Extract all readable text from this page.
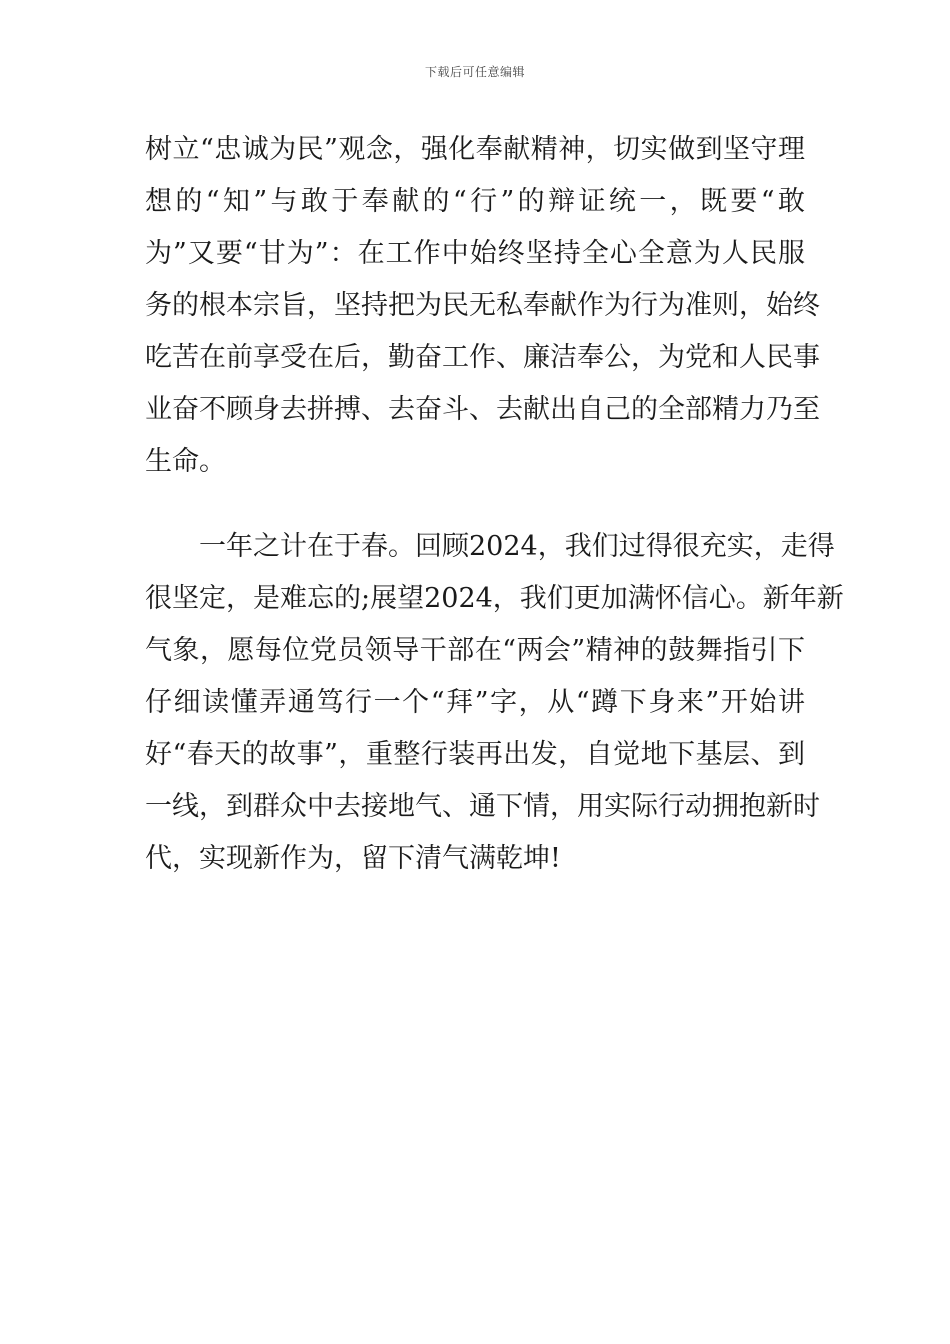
下载后可任意编辑
树立“忠诚为民”观念，强化奉献精神，切实做到坚守理
想的“知”与敢于奉献的“行”的辩证统一，既要“敢
为”又要“甘为”：在工作中始终坚持全心全意为人民服
务的根本宗旨，坚持把为民无私奉献作为行为准则，始终
吃苦在前享受在后，勤奋工作、廉洁奉公，为党和人民事
业奋不顾身去拼搏、去奋斗、去献出自己的全部精力乃至
生命。
一年之计在于春。回顾2024，我们过得很充实，走得
很坚定，是难忘的;展望2024，我们更加满怀信心。新年新
气象，愿每位党员领导干部在“两会”精神的鼓舞指引下
仔细读懂弄通笃行一个“拜”字，从“蹲下身来”开始讲
好“春天的故事”，重整行装再出发，自觉地下基层、到
一线，到群众中去接地气、通下情，用实际行动拥抱新时
代，实现新作为，留下清气满乾坤!
